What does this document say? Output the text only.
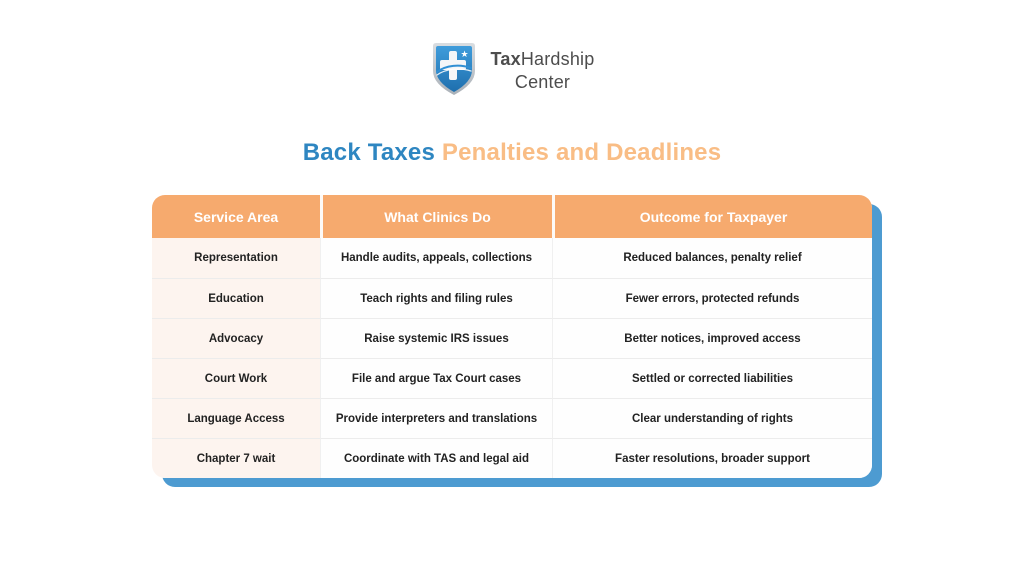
★ TaxHardship
Center
Back Taxes Penalties and Deadlines
Service Area	What Clinics Do	Outcome for Taxpayer
Representation	Handle audits, appeals, collections	Reduced balances, penalty relief
Education	Teach rights and filing rules	Fewer errors, protected refunds
Advocacy	Raise systemic IRS issues	Better notices, improved access
Court Work	File and argue Tax Court cases	Settled or corrected liabilities
Language Access	Provide interpreters and translations	Clear understanding of rights
Chapter 7 wait	Coordinate with TAS and legal aid	Faster resolutions, broader support
